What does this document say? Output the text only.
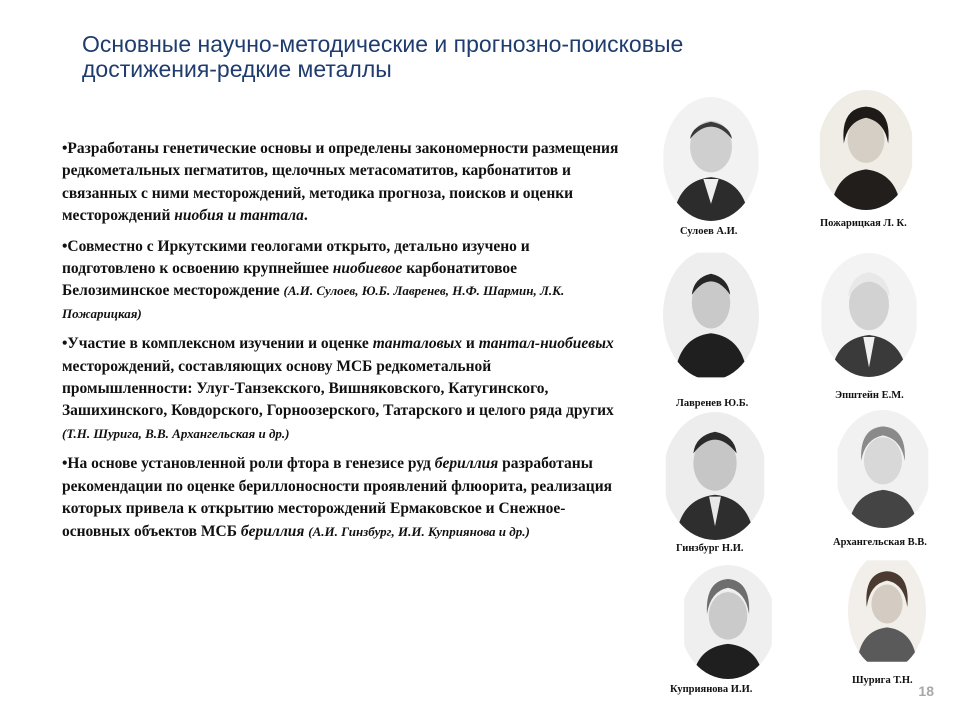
Основные научно-методические и прогнозно-поисковые
достижения-редкие металлы
•Разработаны генетические основы и определены закономерности размещения редкометальных пегматитов, щелочных метасоматитов, карбонатитов и связанных с ними месторождений, методика прогноза, поисков и оценки месторождений ниобия и тантала.
•Совместно с Иркутскими геологами открыто, детально изучено и подготовлено к освоению крупнейшее ниобиевое карбонатитовое Белозиминское месторождение (А.И. Сулоев, Ю.Б. Лавренев, Н.Ф. Шармин, Л.К. Пожарицкая)
•Участие в комплексном изучении и оценке танталовых и тантал-ниобиевых месторождений, составляющих основу МСБ редкометальной промышленности: Улуг-Танзекского, Вишняковского, Катугинского, Зашихинского, Ковдорского, Горноозерского, Татарского и целого ряда других (Т.Н. Шурига, В.В. Архангельская и др.)
•На основе установленной роли фтора в генезисе руд бериллия разработаны рекомендации по оценке бериллоносности проявлений флюорита, реализация которых привела к открытию месторождений Ермаковское и Снежное-основных объектов МСБ бериллия (А.И. Гинзбург, И.И. Куприянова и др.)
Сулоев А.И.
Пожарицкая Л. К.
Лавренев Ю.Б.
Эпштейн Е.М.
Гинзбург Н.И.
Архангельская В.В.
Куприянова И.И.
Шурига Т.Н.
18
